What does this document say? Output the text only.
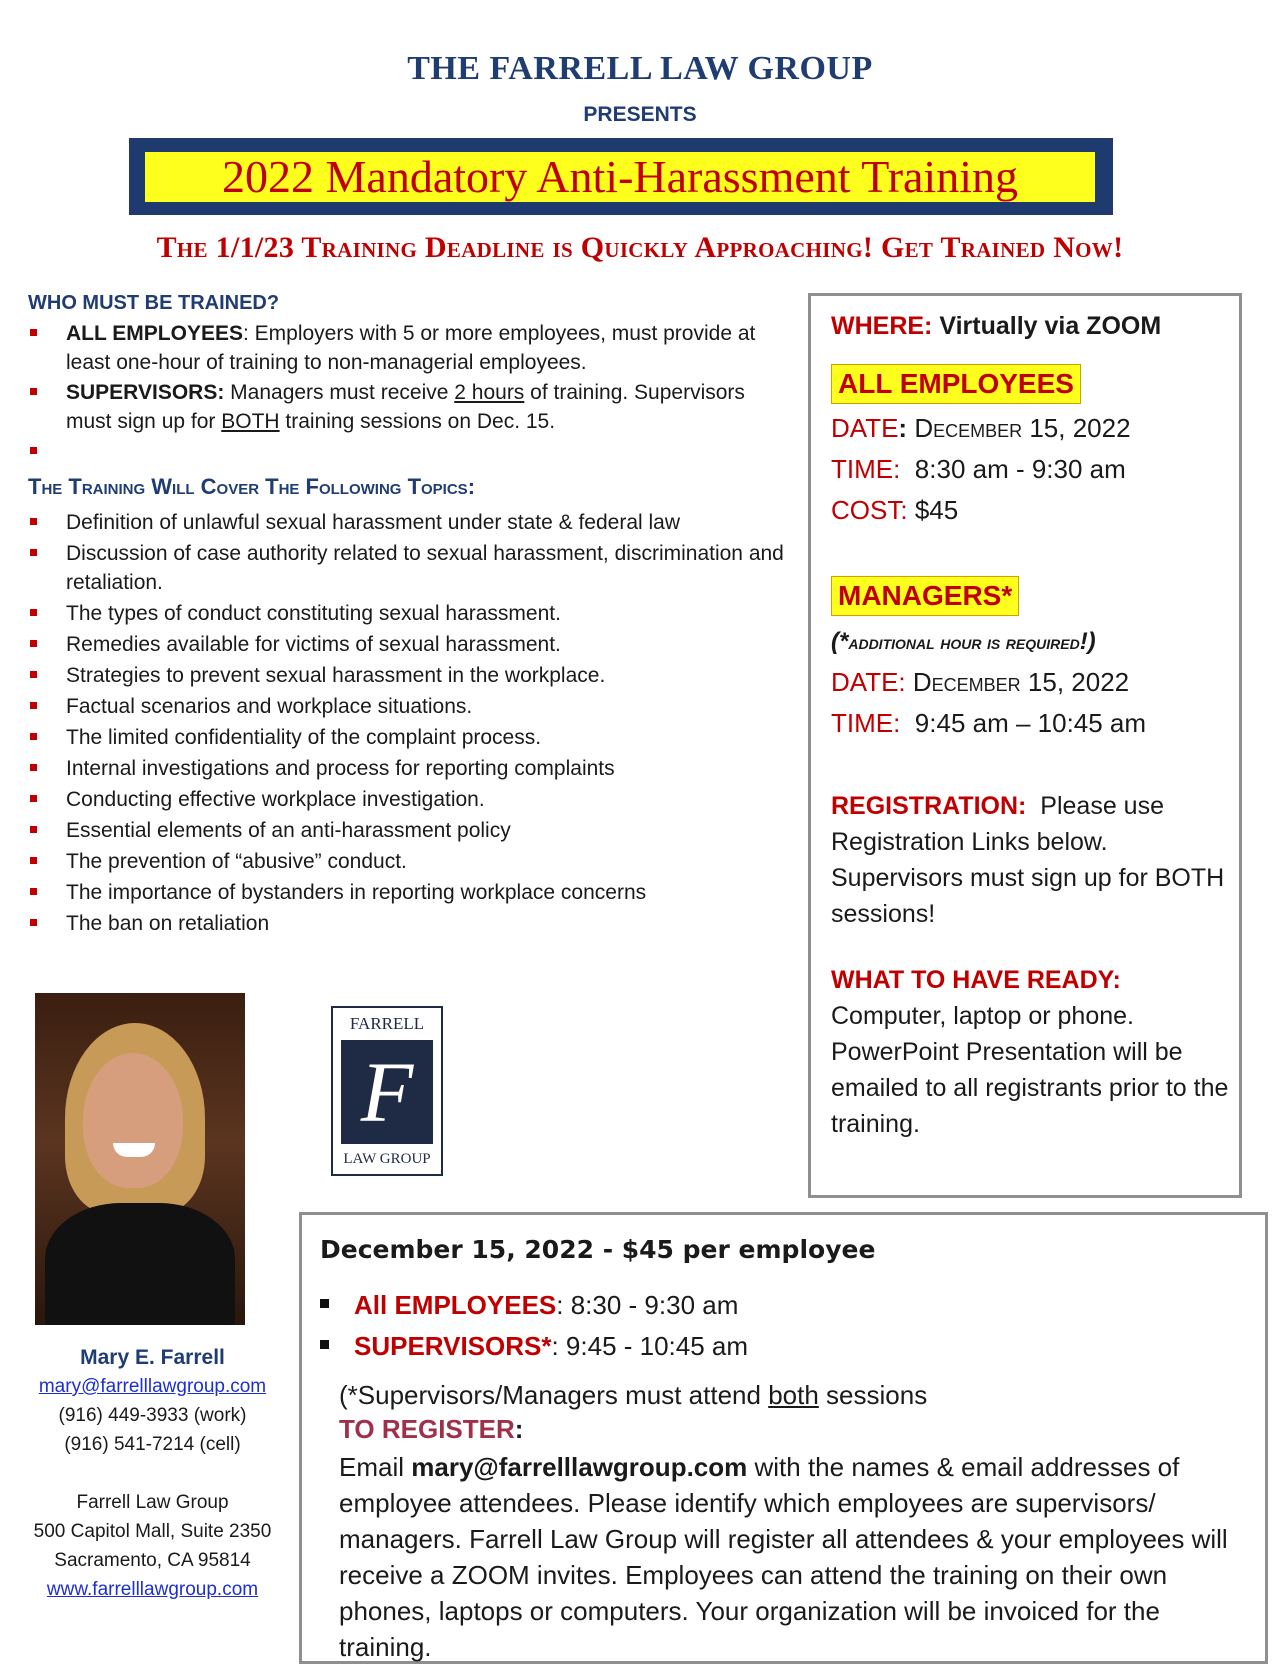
THE FARRELL LAW GROUP
PRESENTS
2022 Mandatory Anti-Harassment Training
The 1/1/23 Training Deadline is Quickly Approaching! Get Trained Now!
WHO MUST BE TRAINED?
ALL EMPLOYEES: Employers with 5 or more employees, must provide at least one-hour of training to non-managerial employees.
SUPERVISORS: Managers must receive 2 hours of training. Supervisors must sign up for BOTH training sessions on Dec. 15.

The Training Will Cover The Following Topics:
Definition of unlawful sexual harassment under state & federal law
Discussion of case authority related to sexual harassment, discrimination and retaliation.
The types of conduct constituting sexual harassment.
Remedies available for victims of sexual harassment.
Strategies to prevent sexual harassment in the workplace.
Factual scenarios and workplace situations.
The limited confidentiality of the complaint process.
Internal investigations and process for reporting complaints
Conducting effective workplace investigation.
Essential elements of an anti-harassment policy
The prevention of “abusive” conduct.
The importance of bystanders in reporting workplace concerns
The ban on retaliation
WHERE: Virtually via ZOOM
ALL EMPLOYEES
DATE: December 15, 2022
TIME: 8:30 am - 9:30 am
COST: $45
MANAGERS*
(*additional hour is required!)
DATE: December 15, 2022
TIME: 9:45 am – 10:45 am
REGISTRATION: Please use Registration Links below. Supervisors must sign up for BOTH sessions!
WHAT TO HAVE READY:
Computer, laptop or phone. PowerPoint Presentation will be emailed to all registrants prior to the training.
FARRELL
F
LAW GROUP
Mary E. Farrell
mary@farrelllawgroup.com
(916) 449-3933 (work)
(916) 541-7214 (cell)

Farrell Law Group
500 Capitol Mall, Suite 2350
Sacramento, CA 95814
www.farrelllawgroup.com
December 15, 2022 - $45 per employee
All EMPLOYEES: 8:30 - 9:30 am
SUPERVISORS*: 9:45 - 10:45 am
(*Supervisors/Managers must attend both sessions
TO REGISTER:
Email mary@farrelllawgroup.com with the names & email addresses of employee attendees. Please identify which employees are supervisors/ managers. Farrell Law Group will register all attendees & your employees will receive a ZOOM invites. Employees can attend the training on their own phones, laptops or computers. Your organization will be invoiced for the training.
